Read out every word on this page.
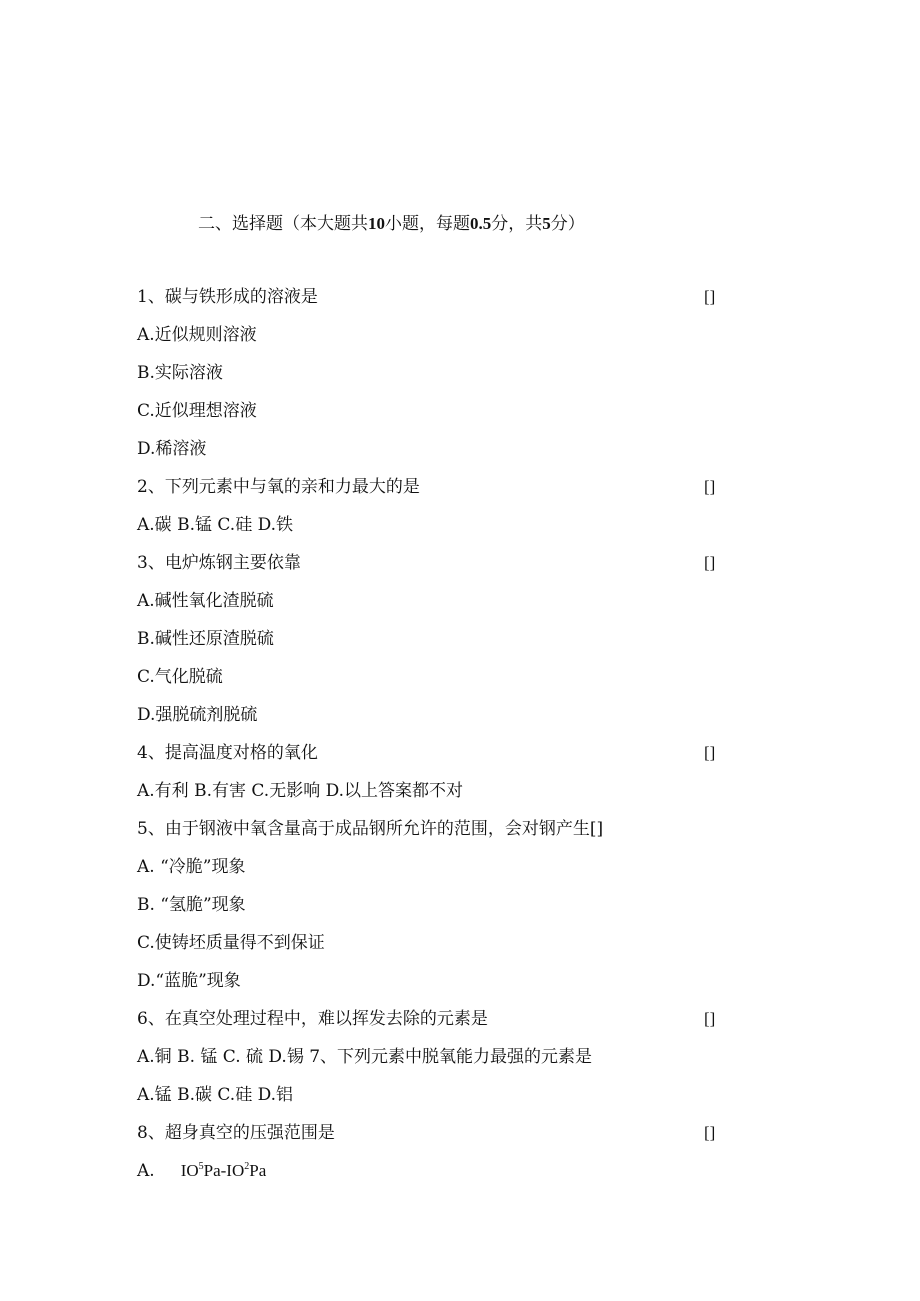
二、选择题（本大题共10小题，每题0.5分，共5分）
1、碳与铁形成的溶液是	[]
A.近似规则溶液
B.实际溶液
C.近似理想溶液
D.稀溶液
2、下列元素中与氧的亲和力最大的是	[]
A.碳 B.锰 C.硅 D.铁
3、电炉炼钢主要依靠	[]
A.碱性氧化渣脱硫
B.碱性还原渣脱硫
C.气化脱硫
D.强脱硫剂脱硫
4、提高温度对格的氧化	[]
A.有利 B.有害 C.无影响 D.以上答案都不对
5、由于钢液中氧含量高于成品钢所允许的范围，会对钢产生[]
A. “冷脆”现象
B. “氢脆”现象
C.使铸坯质量得不到保证
D.“蓝脆”现象
6、在真空处理过程中，难以挥发去除的元素是	[]
A.铜 B. 锰 C. 硫 D.锡 7、下列元素中脱氧能力最强的元素是
A.锰 B.碳 C.硅 D.铝
8、超身真空的压强范围是	[]
A. $IO^5Pa-IO^2Pa$
